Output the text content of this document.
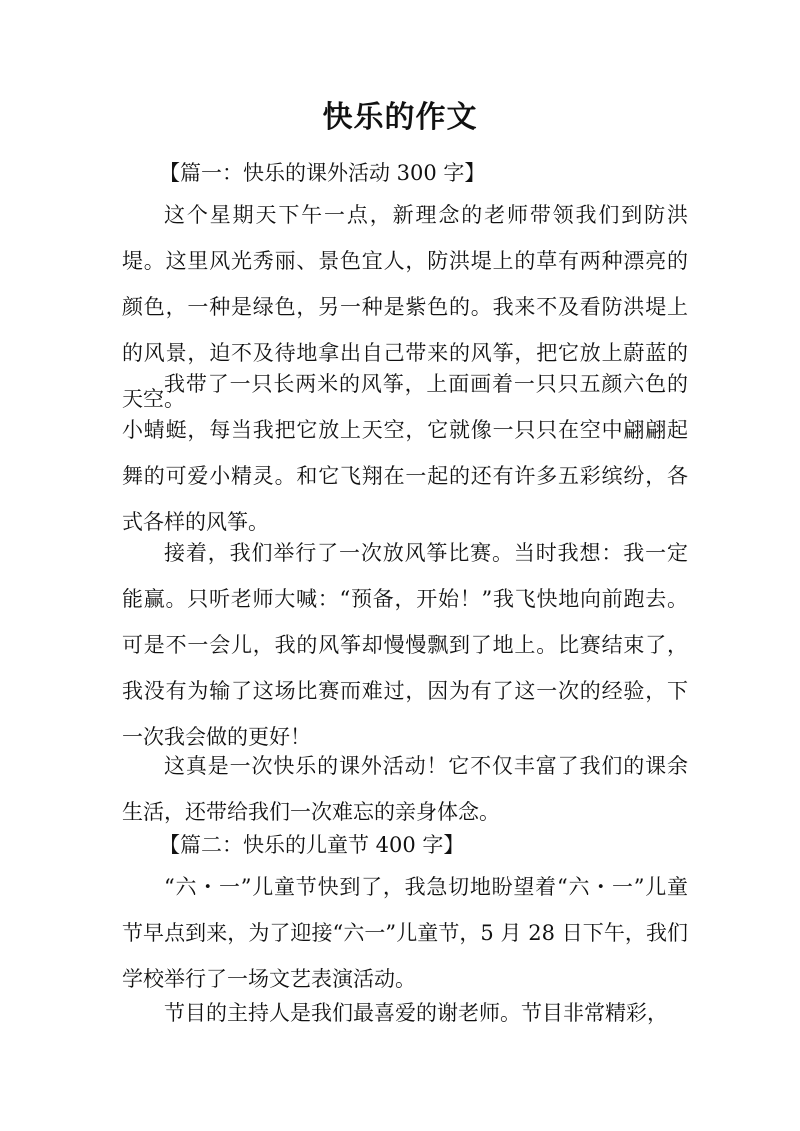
快乐的作文
【篇一：快乐的课外活动 300 字】

这个星期天下午一点，新理念的老师带领我们到防洪堤。这里风光秀丽、景色宜人，防洪堤上的草有两种漂亮的颜色，一种是绿色，另一种是紫色的。我来不及看防洪堤上的风景，迫不及待地拿出自己带来的风筝，把它放上蔚蓝的天空。

我带了一只长两米的风筝，上面画着一只只五颜六色的小蜻蜓，每当我把它放上天空，它就像一只只在空中翩翩起舞的可爱小精灵。和它飞翔在一起的还有许多五彩缤纷，各式各样的风筝。

接着，我们举行了一次放风筝比赛。当时我想：我一定能赢。只听老师大喊：“预备，开始！”我飞快地向前跑去。可是不一会儿，我的风筝却慢慢飘到了地上。比赛结束了，我没有为输了这场比赛而难过，因为有了这一次的经验，下一次我会做的更好！

这真是一次快乐的课外活动！它不仅丰富了我们的课余生活，还带给我们一次难忘的亲身体念。

【篇二：快乐的儿童节 400 字】

“六・一”儿童节快到了，我急切地盼望着“六・一”儿童节早点到来，为了迎接“六一”儿童节，5 月 28 日下午，我们学校举行了一场文艺表演活动。

节目的主持人是我们最喜爱的谢老师。节目非常精彩，
